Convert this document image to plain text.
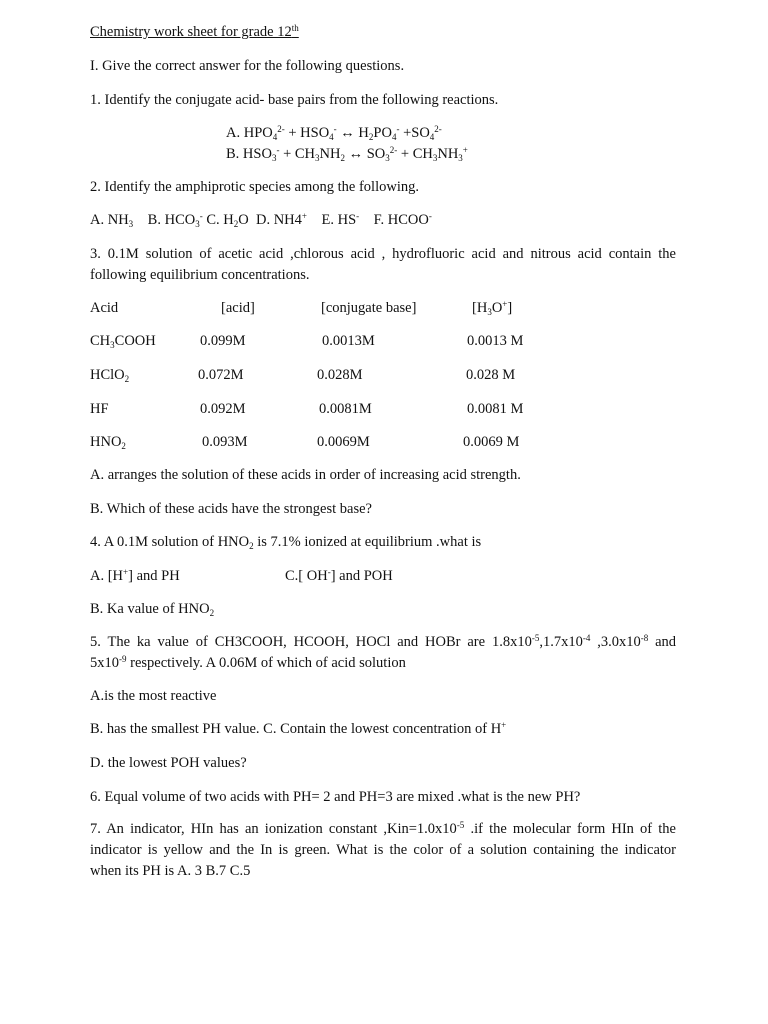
Chemistry work sheet for grade 12th
I. Give the correct answer for the following questions.
1. Identify the conjugate acid- base pairs from the following reactions.
A. $HPO_4^{2-} + HSO_4^-$ ↔ $H_2PO_4^- +SO_4^{2-}$
B. $HSO_3^- + CH_3NH_2$ ↔ $SO_3^{2-} + CH_3NH_3^+$
2. Identify the amphiprotic species among the following.
A. $NH_3$ B. $HCO_3^-$ C. $H_2O$ D. NH4+ E. HS- F. HCOO-
3. 0.1M solution of acetic acid ,chlorous acid , hydrofluoric acid and nitrous acid contain the
following equilibrium concentrations.
Acid	[acid]	[conjugate base]	$[H_3O^+]$
$CH_3COOH$	0.099M	0.0013M	0.0013 M
HClO$_2$	0.072M	0.028M	0.028 M
HF	0.092M	0.0081M	0.0081 M
$HNO_2$	0.093M	0.0069M	0.0069 M
A. arranges the solution of these acids in order of increasing acid strength.
B. Which of these acids have the strongest base?
4. A 0.1M solution of $HNO_2$ is 7.1% ionized at equilibrium .what is
A. [H+] and PH	C.[ OH-] and POH
B. Ka value of $HNO_2$
5. The ka value of CH3COOH, HCOOH, HOCl and HOBr are $1.8x10^{-5},1.7x10^{-4}$ $,3.0x10^{-8}$ and
$5x10^{-9}$ respectively. A 0.06M of which of acid solution
A.is the most reactive
B. has the smallest PH value. C. Contain the lowest concentration of H+
D. the lowest POH values?
6. Equal volume of two acids with PH= 2 and PH=3 are mixed .what is the new PH?
7. An indicator, HIn has an ionization constant $,Kin=1.0x10^{-5}$ .if the molecular form HIn of the
indicator is yellow and the In is green. What is the color of a solution containing the indicator
when its PH is A. 3 B.7 C.5
